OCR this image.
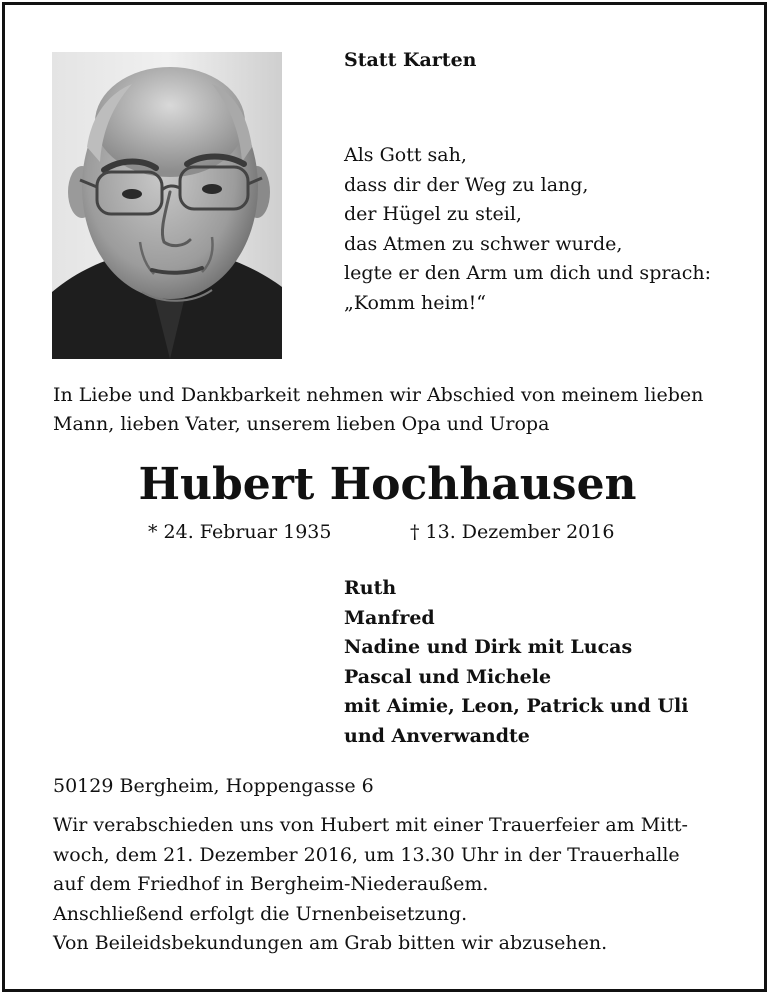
Statt Karten
Als Gott sah,
dass dir der Weg zu lang,
der Hügel zu steil,
das Atmen zu schwer wurde,
legte er den Arm um dich und sprach:
„Komm heim!“
In Liebe und Dankbarkeit nehmen wir Abschied von meinem lieben
Mann, lieben Vater, unserem lieben Opa und Uropa
Hubert Hochhausen
* 24. Februar 1935	† 13. Dezember 2016
Ruth
Manfred
Nadine und Dirk mit Lucas
Pascal und Michele
mit Aimie, Leon, Patrick und Uli
und Anverwandte
50129 Bergheim, Hoppengasse 6
Wir verabschieden uns von Hubert mit einer Trauerfeier am Mitt-
woch, dem 21. Dezember 2016, um 13.30 Uhr in der Trauerhalle
auf dem Friedhof in Bergheim-Niederaußem.
Anschließend erfolgt die Urnenbeisetzung.
Von Beileidsbekundungen am Grab bitten wir abzusehen.
